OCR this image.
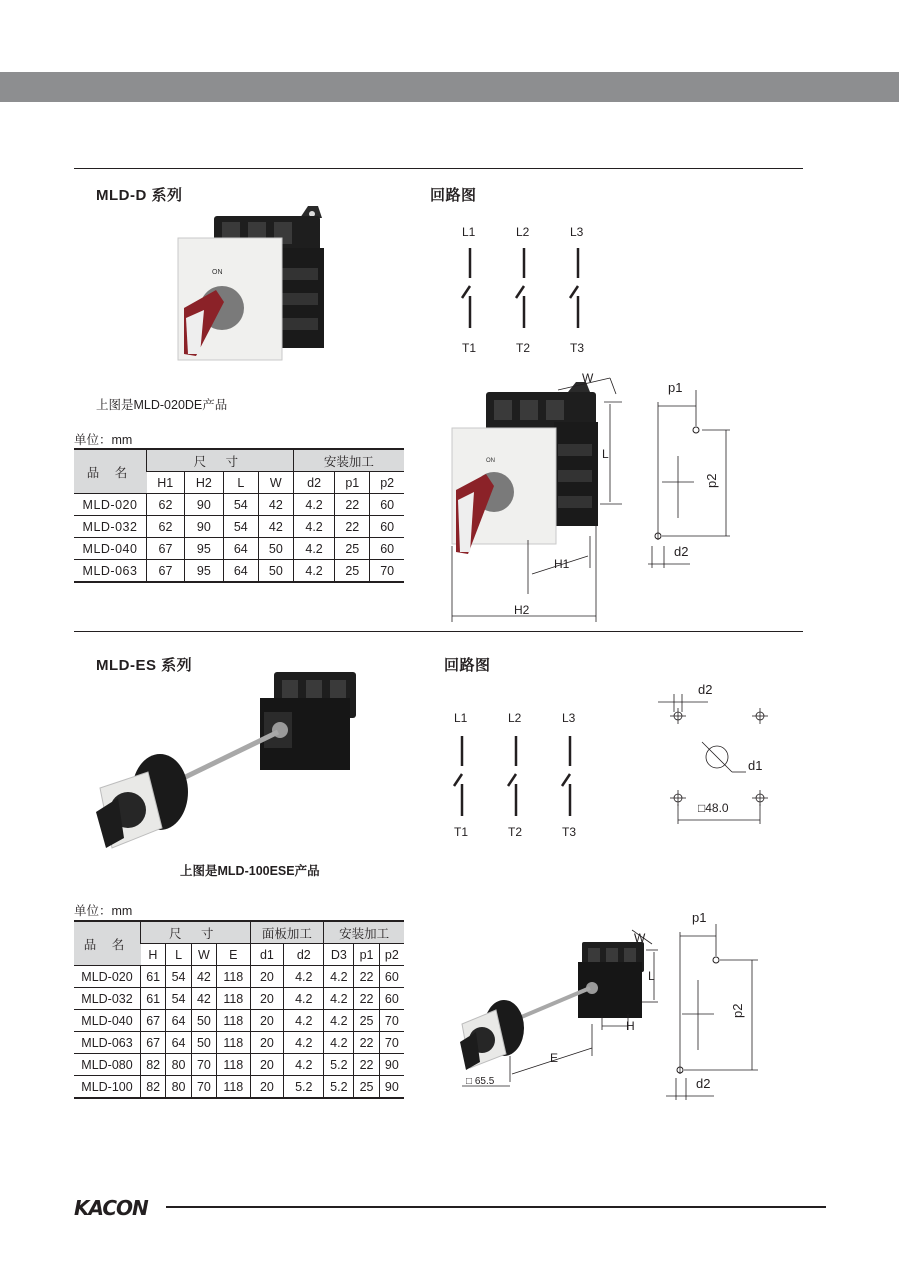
MLD-D 系列	回路图
ON
上图是MLD-020DE产品
L1	L2	L3
T1	T2	T3
ON
W
L
H1
H2
p1
p2
d2
单位：mm
品 名	尺 寸				安装加工		
	H1	H2	L	W	d2	p1	p2
MLD-020	62	90	54	42	4.2	22	60
MLD-032	62	90	54	42	4.2	22	60
MLD-040	67	95	64	50	4.2	25	60
MLD-063	67	95	64	50	4.2	25	70
MLD-ES 系列	回路图
上图是MLD-100ESE产品
L1	L2	L3
T1	T2	T3
d2
d1
□48.0
单位：mm
品 名	尺 寸				面板加工		安装加工		
	H	L	W	E	d1	d2	D3	p1	p2
MLD-020	61	54	42	118	20	4.2	4.2	22	60
MLD-032	61	54	42	118	20	4.2	4.2	22	60
MLD-040	67	64	50	118	20	4.2	4.2	25	70
MLD-063	67	64	50	118	20	4.2	4.2	22	70
MLD-080	82	80	70	118	20	4.2	5.2	22	90
MLD-100	82	80	70	118	20	5.2	5.2	25	90
W
L
H
E
□ 65.5
p1
p2
d2
KACON
